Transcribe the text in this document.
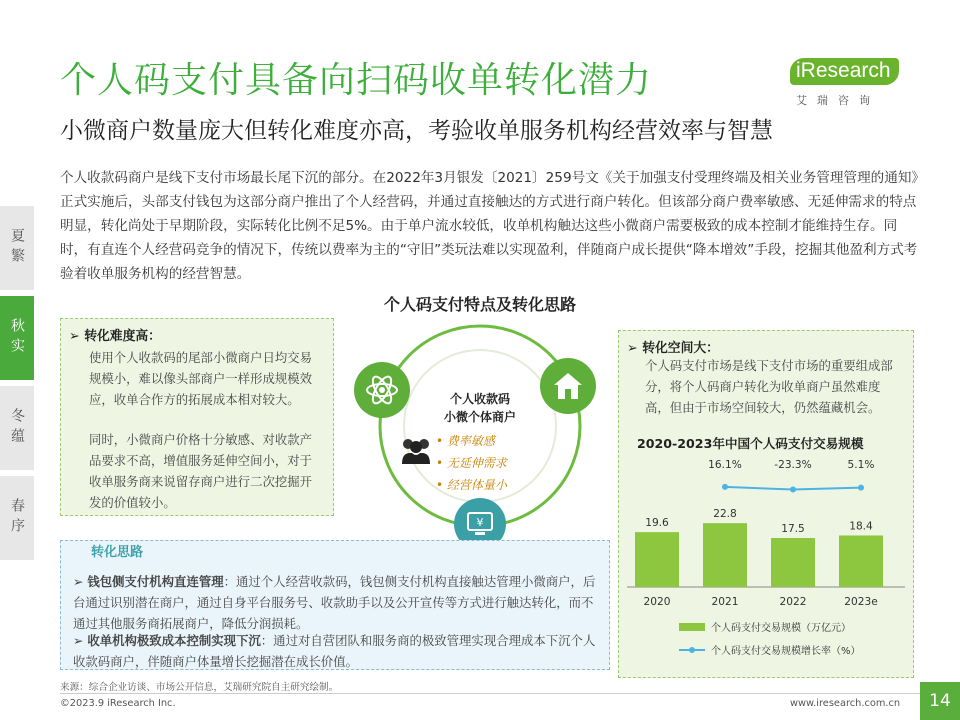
个人码支付具备向扫码收单转化潜力
小微商户数量庞大但转化难度亦高，考验收单服务机构经营效率与智慧
iResearch
艾瑞咨询
夏繁
秋实
冬蕴
春序
个人收款码商户是线下支付市场最长尾下沉的部分。在2022年3月银发〔2021〕259号文《关于加强支付受理终端及相关业务管理管理的通知》正式实施后，头部支付钱包为这部分商户推出了个人经营码，并通过直接触达的方式进行商户转化。但该部分商户费率敏感、无延伸需求的特点明显，转化尚处于早期阶段，实际转化比例不足5%。由于单户流水较低，收单机构触达这些小微商户需要极致的成本控制才能维持生存。同时，有直连个人经营码竞争的情况下，传统以费率为主的“守旧”类玩法难以实现盈利，伴随商户成长提供“降本增效”手段，挖掘其他盈利方式考验着收单服务机构的经营智慧。
个人码支付特点及转化思路
➢ 转化难度高：
使用个人收款码的尾部小微商户日均交易规模小，难以像头部商户一样形成规模效应，收单合作方的拓展成本相对较大。
同时，小微商户价格十分敏感、对收款产品要求不高，增值服务延伸空间小，对于收单服务商来说留存商户进行二次挖掘开发的价值较小。
¥
个人收款码
小微个体商户
• 费率敏感
• 无延伸需求
• 经营体量小
转化思路
➢ 钱包侧支付机构直连管理：通过个人经营收款码，钱包侧支付机构直接触达管理小微商户，后台通过识别潜在商户，通过自身平台服务号、收款助手以及公开宣传等方式进行触达转化，而不通过其他服务商拓展商户，降低分润损耗。
➢ 收单机构极致成本控制实现下沉：通过对自营团队和服务商的极致管理实现合理成本下沉个人收款码商户，伴随商户体量增长挖掘潜在成长价值。
➢ 转化空间大：
个人码支付市场是线下支付市场的重要组成部分，将个人码商户转化为收单商户虽然难度高，但由于市场空间较大，仍然蕴藏机会。
2020-2023年中国个人码支付交易规模
19.6
2020
22.8
2021
17.5
2022
18.4
2023e
16.1%	-23.3%	5.1%
个人码支付交易规模（万亿元）
个人码支付交易规模增长率（%）
来源：综合企业访谈、市场公开信息，艾瑞研究院自主研究绘制。
©2023.9 iResearch Inc.	www.iresearch.com.cn	14
